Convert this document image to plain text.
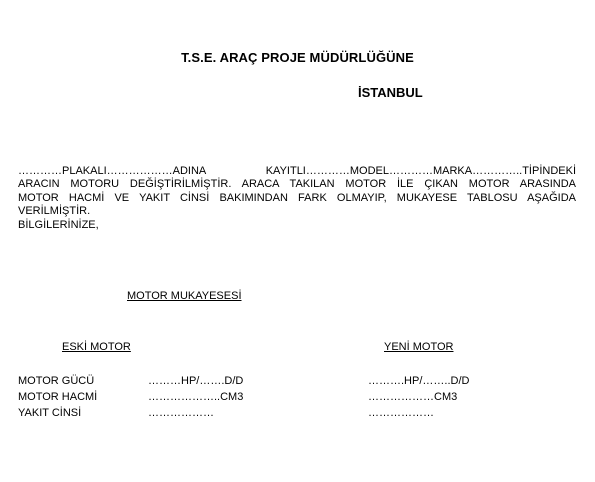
T.S.E. ARAÇ PROJE MÜDÜRLÜĞÜNE
İSTANBUL
…………PLAKALI………………ADINA KAYITLI…………MODEL…………MARKA…………..TİPİNDEKİ
ARACIN MOTORU DEĞİŞTİRİLMİŞTİR. ARACA TAKILAN MOTOR İLE ÇIKAN MOTOR ARASINDA
MOTOR HACMİ VE YAKIT CİNSİ BAKIMINDAN FARK OLMAYIP, MUKAYESE TABLOSU AŞAĞIDA
VERİLMİŞTİR.
BİLGİLERİNİZE,
MOTOR MUKAYESESİ
ESKİ MOTOR	YENİ MOTOR
MOTOR GÜCÜ	………HP/…….D/D	……….HP/……..D/D
MOTOR HACMİ	………………..CM3	………………CM3
YAKIT CİNSİ	………………	………………
